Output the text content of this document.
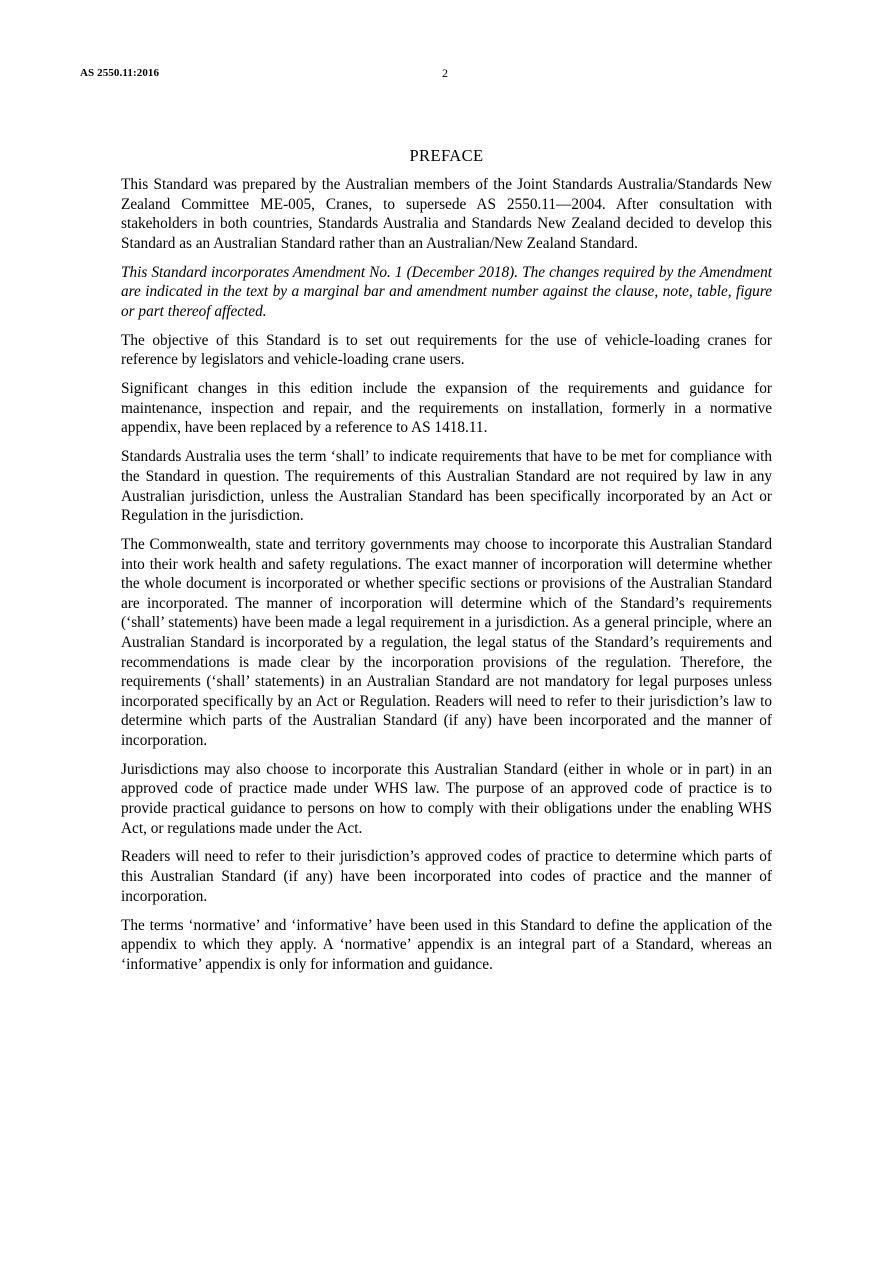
AS 2550.11:2016	2
PREFACE

This Standard was prepared by the Australian members of the Joint Standards Australia/Standards New Zealand Committee ME-005, Cranes, to supersede AS 2550.11—2004. After consultation with stakeholders in both countries, Standards Australia and Standards New Zealand decided to develop this Standard as an Australian Standard rather than an Australian/New Zealand Standard.

This Standard incorporates Amendment No. 1 (December 2018). The changes required by the Amendment are indicated in the text by a marginal bar and amendment number against the clause, note, table, figure or part thereof affected.

The objective of this Standard is to set out requirements for the use of vehicle-loading cranes for reference by legislators and vehicle-loading crane users.

Significant changes in this edition include the expansion of the requirements and guidance for maintenance, inspection and repair, and the requirements on installation, formerly in a normative appendix, have been replaced by a reference to AS 1418.11.

Standards Australia uses the term ‘shall’ to indicate requirements that have to be met for compliance with the Standard in question. The requirements of this Australian Standard are not required by law in any Australian jurisdiction, unless the Australian Standard has been specifically incorporated by an Act or Regulation in the jurisdiction.

The Commonwealth, state and territory governments may choose to incorporate this Australian Standard into their work health and safety regulations. The exact manner of incorporation will determine whether the whole document is incorporated or whether specific sections or provisions of the Australian Standard are incorporated. The manner of incorporation will determine which of the Standard’s requirements (‘shall’ statements) have been made a legal requirement in a jurisdiction. As a general principle, where an Australian Standard is incorporated by a regulation, the legal status of the Standard’s requirements and recommendations is made clear by the incorporation provisions of the regulation. Therefore, the requirements (‘shall’ statements) in an Australian Standard are not mandatory for legal purposes unless incorporated specifically by an Act or Regulation. Readers will need to refer to their jurisdiction’s law to determine which parts of the Australian Standard (if any) have been incorporated and the manner of incorporation.

Jurisdictions may also choose to incorporate this Australian Standard (either in whole or in part) in an approved code of practice made under WHS law. The purpose of an approved code of practice is to provide practical guidance to persons on how to comply with their obligations under the enabling WHS Act, or regulations made under the Act.

Readers will need to refer to their jurisdiction’s approved codes of practice to determine which parts of this Australian Standard (if any) have been incorporated into codes of practice and the manner of incorporation.

The terms ‘normative’ and ‘informative’ have been used in this Standard to define the application of the appendix to which they apply. A ‘normative’ appendix is an integral part of a Standard, whereas an ‘informative’ appendix is only for information and guidance.
